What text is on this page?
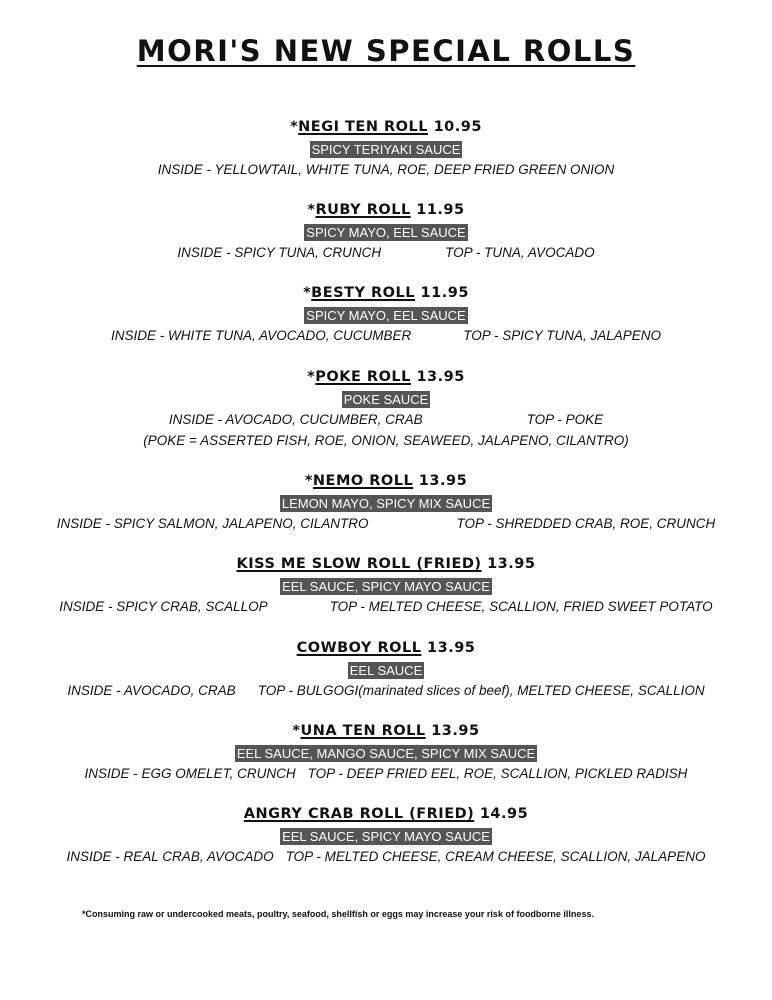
MORI'S NEW SPECIAL ROLLS
*NEGI TEN ROLL 10.95
SPICY TERIYAKI SAUCE
INSIDE - YELLOWTAIL, WHITE TUNA, ROE, DEEP FRIED GREEN ONION
*RUBY ROLL 11.95
SPICY MAYO, EEL SAUCE
INSIDE - SPICY TUNA, CRUNCH	TOP - TUNA, AVOCADO
*BESTY ROLL 11.95
SPICY MAYO, EEL SAUCE
INSIDE - WHITE TUNA, AVOCADO, CUCUMBER	TOP - SPICY TUNA, JALAPENO
*POKE ROLL 13.95
POKE SAUCE
INSIDE - AVOCADO, CUCUMBER, CRAB	TOP - POKE
(POKE = ASSERTED FISH, ROE, ONION, SEAWEED, JALAPENO, CILANTRO)
*NEMO ROLL 13.95
LEMON MAYO, SPICY MIX SAUCE
INSIDE - SPICY SALMON, JALAPENO, CILANTRO	TOP - SHREDDED CRAB, ROE, CRUNCH
KISS ME SLOW ROLL (FRIED) 13.95
EEL SAUCE, SPICY MAYO SAUCE
INSIDE - SPICY CRAB, SCALLOP	TOP - MELTED CHEESE, SCALLION, FRIED SWEET POTATO
COWBOY ROLL 13.95
EEL SAUCE
INSIDE - AVOCADO, CRAB TOP - BULGOGI(marinated slices of beef), MELTED CHEESE, SCALLION
*UNA TEN ROLL 13.95
EEL SAUCE, MANGO SAUCE, SPICY MIX SAUCE
INSIDE - EGG OMELET, CRUNCH TOP - DEEP FRIED EEL, ROE, SCALLION, PICKLED RADISH
ANGRY CRAB ROLL (FRIED) 14.95
EEL SAUCE, SPICY MAYO SAUCE
INSIDE - REAL CRAB, AVOCADO TOP - MELTED CHEESE, CREAM CHEESE, SCALLION, JALAPENO
*Consuming raw or undercooked meats, poultry, seafood, shellfish or eggs may increase your risk of foodborne illness.
